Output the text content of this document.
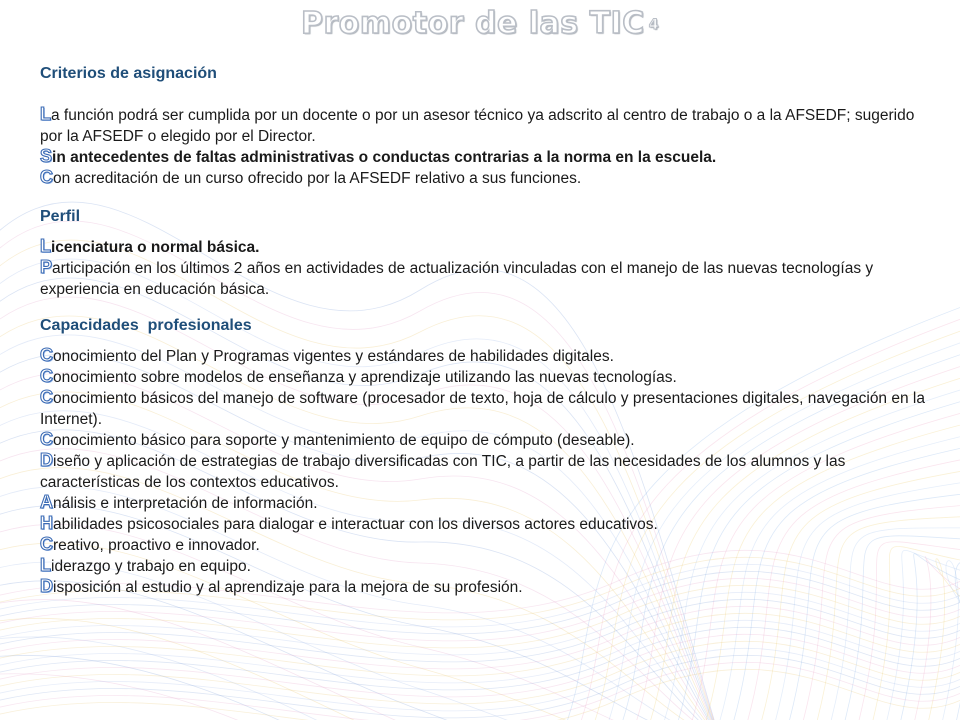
Promotor de las TIC 4

Criterios de asignación

La función podrá ser cumplida por un docente o por un asesor técnico ya adscrito al centro de trabajo o a la AFSEDF; sugerido por la AFSEDF o elegido por el Director.

Sin antecedentes de faltas administrativas o conductas contrarias a la norma en la escuela.

Con acreditación de un curso ofrecido por la AFSEDF relativo a sus funciones.

Perfil

Licenciatura o normal básica.

Participación en los últimos 2 años en actividades de actualización vinculadas con el manejo de las nuevas tecnologías y experiencia en educación básica.

Capacidades  profesionales

Conocimiento del Plan y Programas vigentes y estándares de habilidades digitales.

Conocimiento sobre modelos de enseñanza y aprendizaje utilizando las nuevas tecnologías.

Conocimiento básicos del manejo de software (procesador de texto, hoja de cálculo y presentaciones digitales, navegación en la Internet).

Conocimiento básico para soporte y mantenimiento de equipo de cómputo (deseable).

Diseño y aplicación de estrategias de trabajo diversificadas con TIC, a partir de las necesidades de los alumnos y las características de los contextos educativos.

Análisis e interpretación de información.

Habilidades psicosociales para dialogar e interactuar con los diversos actores educativos.

Creativo, proactivo e innovador.

Liderazgo y trabajo en equipo.

Disposición al estudio y al aprendizaje para la mejora de su profesión.
